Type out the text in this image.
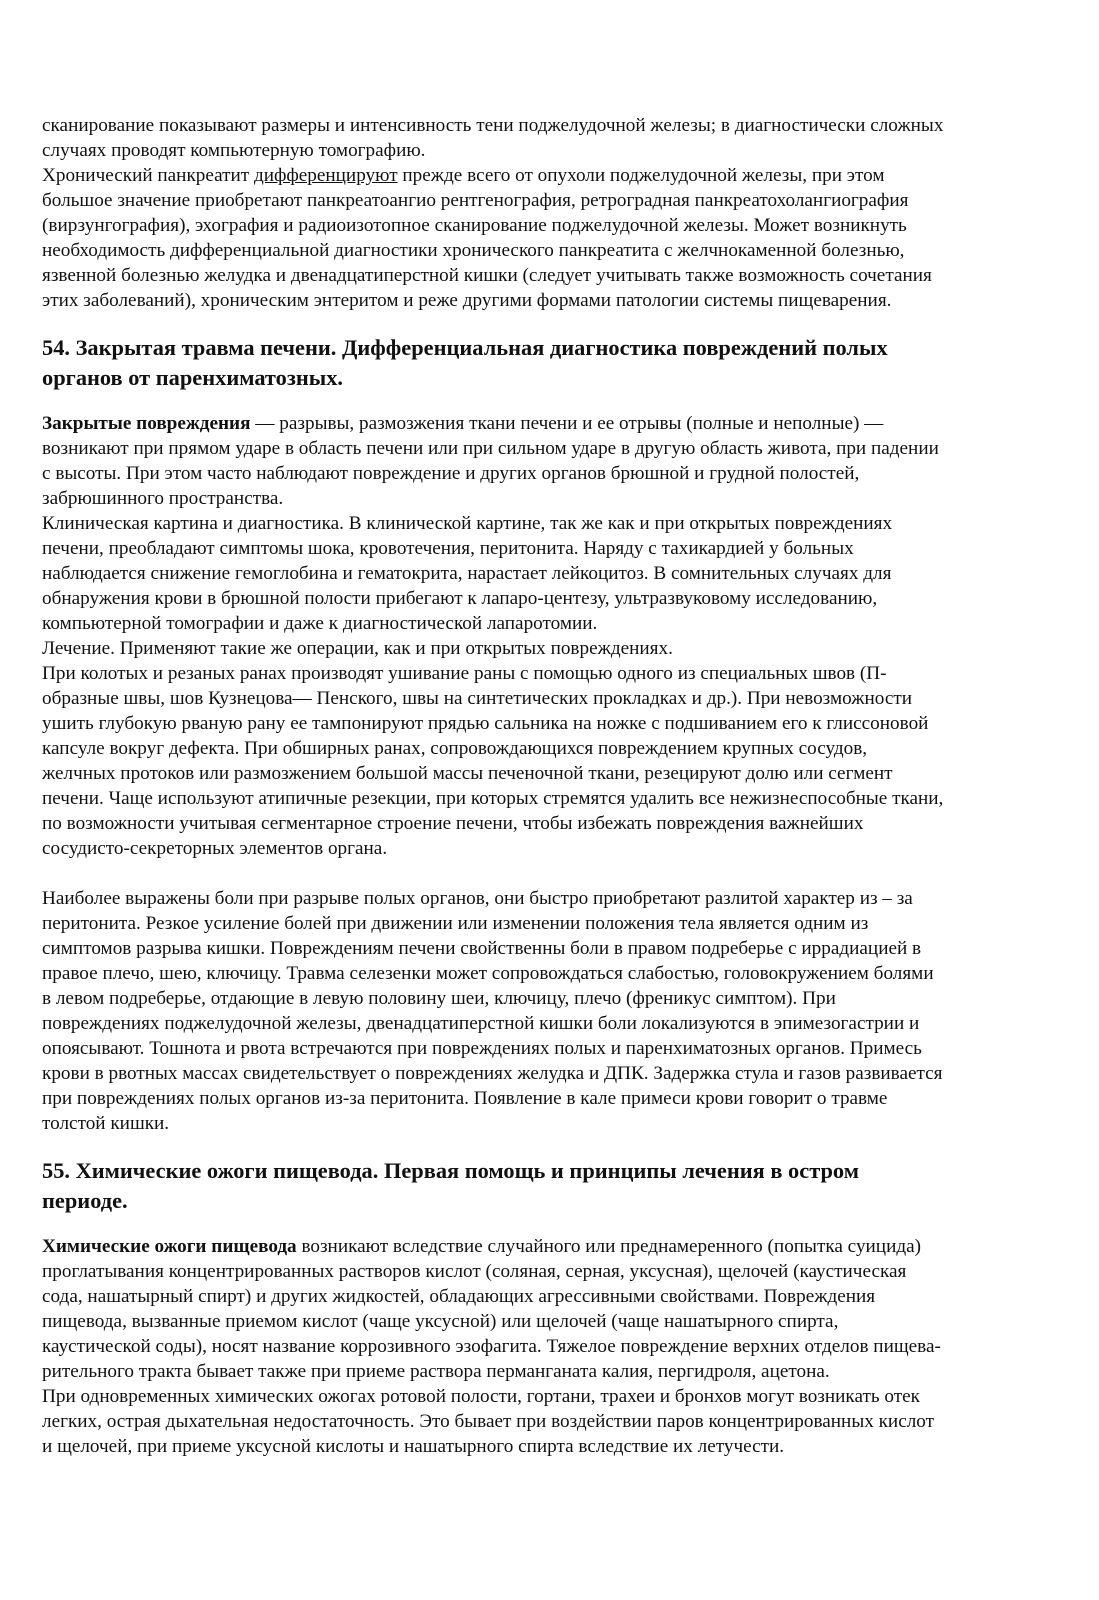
сканирование показывают размеры и интенсивность тени поджелудочной железы; в диагностически сложных

случаях проводят компьютерную томографию.

Хронический панкреатит дифференцируют прежде всего от опухоли поджелудочной железы, при этом

большое значение приобретают панкреатоангио рентгенография, ретроградная панкреатохолангиография

(вирзунгография), эхография и радиоизотопное сканирование поджелудочной железы. Может возникнуть

необходимость дифференциальной диагностики хронического панкреатита с желчнокаменной болезнью,

язвенной болезнью желудка и двенадцатиперстной кишки (следует учитывать также возможность сочетания

этих заболеваний), хроническим энтеритом и реже другими формами патологии системы пищеварения.

54. Закрытая травма печени. Дифференциальная диагностика повреждений полых

органов от паренхиматозных.

Закрытые повреждения — разрывы, размозжения ткани печени и ее отрывы (полные и неполные) —

возникают при прямом ударе в область печени или при сильном ударе в другую область живота, при падении

с высоты. При этом часто наблюдают повреждение и других органов брюшной и грудной полостей,

забрюшинного пространства.

Клиническая картина и диагностика. В клинической картине, так же как и при открытых повреждениях

печени, преобладают симптомы шока, кровотечения, перитонита. Наряду с тахикардией у больных

наблюдается снижение гемоглобина и гематокрита, нарастает лейкоцитоз. В сомнительных случаях для

обнаружения крови в брюшной полости прибегают к лапаро-центезу, ультразвуковому исследованию,

компьютерной томографии и даже к диагностической лапаротомии.

Лечение. Применяют такие же операции, как и при открытых повреждениях.

При колотых и резаных ранах производят ушивание раны с помощью одного из специальных швов (П-

образные швы, шов Кузнецова— Пенского, швы на синтетических прокладках и др.). При невозможности

ушить глубокую рваную рану ее тампонируют прядью сальника на ножке с подшиванием его к глиссоновой

капсуле вокруг дефекта. При обширных ранах, сопровождающихся повреждением крупных сосудов,

желчных протоков или размозжением большой массы печеночной ткани, резецируют долю или сегмент

печени. Чаще используют атипичные резекции, при которых стремятся удалить все нежизнеспособные ткани,

по возможности учитывая сегментарное строение печени, чтобы избежать повреждения важнейших

сосудисто-секреторных элементов органа.

Наиболее выражены боли при разрыве полых органов, они быстро приобретают разлитой характер из – за

перитонита. Резкое усиление болей при движении или изменении положения тела является одним из

симптомов разрыва кишки. Повреждениям печени свойственны боли в правом подреберье с иррадиацией в

правое плечо, шею, ключицу. Травма селезенки может сопровождаться слабостью, головокружением болями

в левом подреберье, отдающие в левую половину шеи, ключицу, плечо (френикус симптом). При

повреждениях поджелудочной железы, двенадцатиперстной кишки боли локализуются в эпимезогастрии и

опоясывают. Тошнота и рвота встречаются при повреждениях полых и паренхиматозных органов. Примесь

крови в рвотных массах свидетельствует о повреждениях желудка и ДПК. Задержка стула и газов развивается

при повреждениях полых органов из-за перитонита. Появление в кале примеси крови говорит о травме

толстой кишки.

55. Химические ожоги пищевода. Первая помощь и принципы лечения в остром

периоде.

Химические ожоги пищевода возникают вследствие случайного или преднамеренного (попытка суицида)

проглатывания концентрированных растворов кислот (соляная, серная, уксусная), щелочей (каустическая

сода, нашатырный спирт) и других жидкостей, обладающих агрессивными свойствами. Повреждения

пищевода, вызванные приемом кислот (чаще уксусной) или щелочей (чаще нашатырного спирта,

каустической соды), носят название коррозивного эзофагита. Тяжелое повреждение верхних отделов пищева-

рительного тракта бывает также при приеме раствора перманганата калия, пергидроля, ацетона.

При одновременных химических ожогах ротовой полости, гортани, трахеи и бронхов могут возникать отек

легких, острая дыхательная недостаточность. Это бывает при воздействии паров концентрированных кислот

и щелочей, при приеме уксусной кислоты и нашатырного спирта вследствие их летучести.
